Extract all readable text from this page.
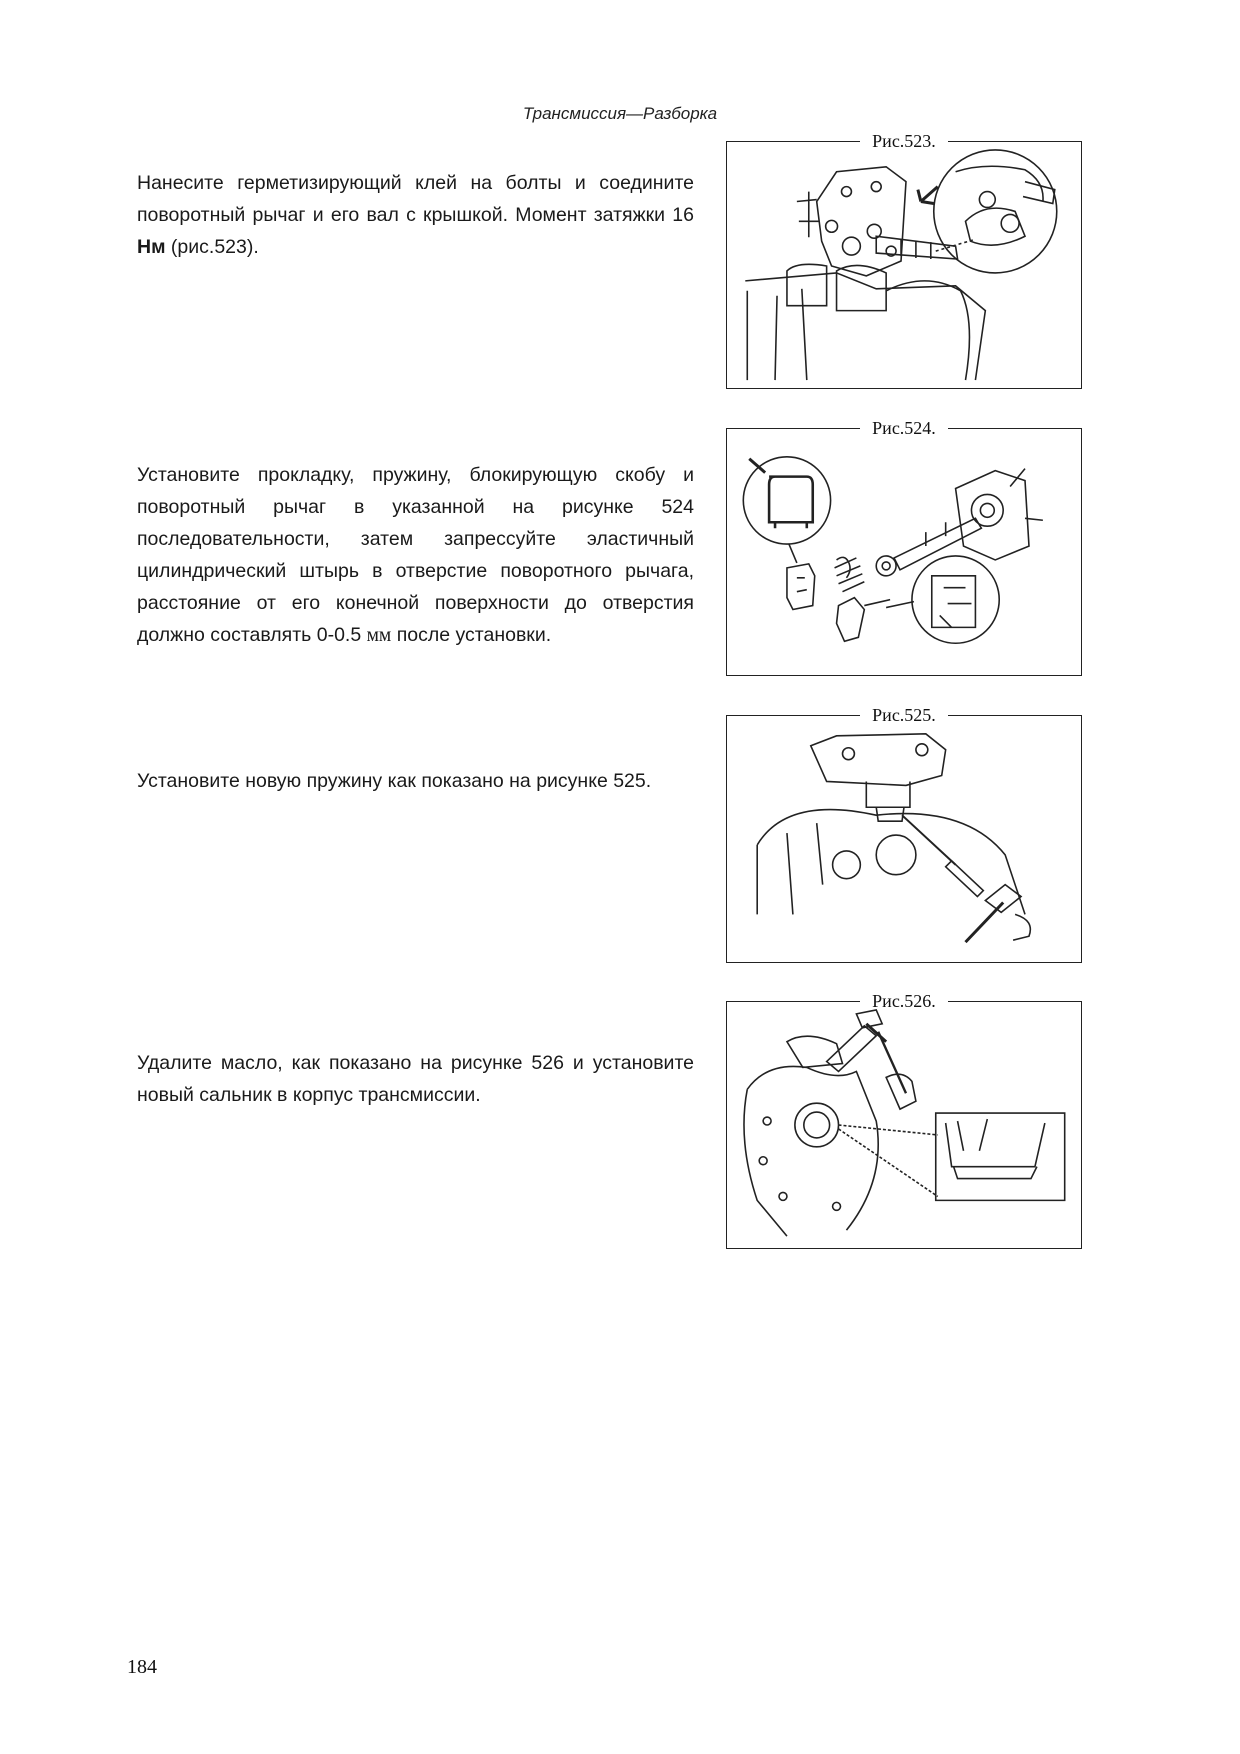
Трансмиссия—Разборка
Нанесите герметизирующий клей на болты и соедините поворотный рычаг и его вал с крышкой. Момент затяжки 16 Нм (рис.523).
Рис.523.
Установите прокладку, пружину, блокирующую скобу и поворотный рычаг в указанной на рисунке 524 последовательности, затем запрессуйте эластичный цилиндрический штырь в отверстие поворотного рычага, расстояние от его конечной поверхности до отверстия должно составлять 0-0.5 мм после установки.
Рис.524.
Установите новую пружину как показано на рисунке 525.
Рис.525.
Удалите масло, как показано на рисунке 526 и установите новый сальник в корпус трансмиссии.
Рис.526.
184
